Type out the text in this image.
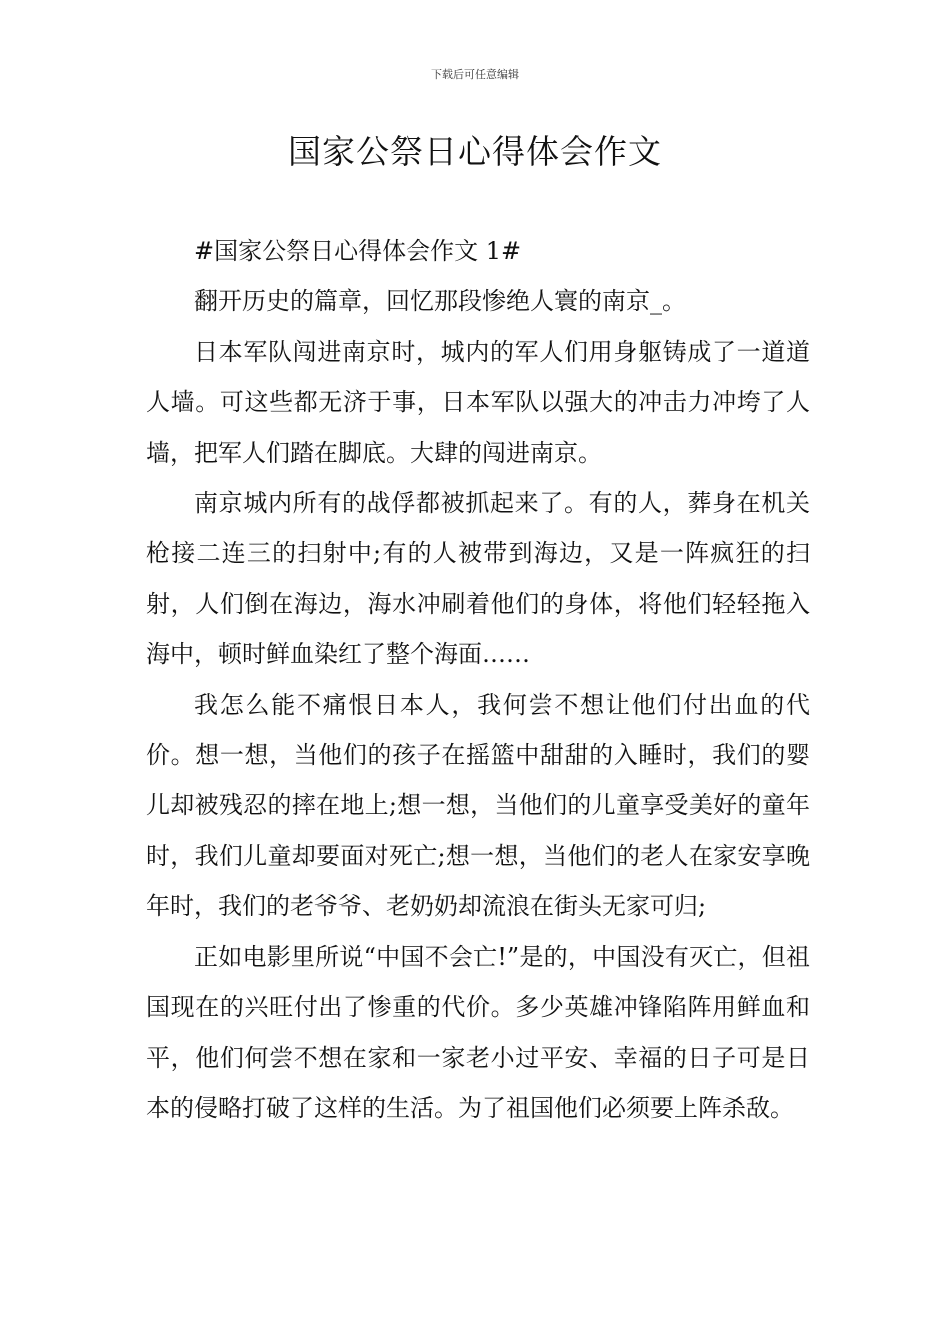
下载后可任意编辑
国家公祭日心得体会作文

#国家公祭日心得体会作文 1#

翻开历史的篇章，回忆那段惨绝人寰的南京_。

日本军队闯进南京时，城内的军人们用身躯铸成了一道道人墙。可这些都无济于事，日本军队以强大的冲击力冲垮了人墙，把军人们踏在脚底。大肆的闯进南京。

南京城内所有的战俘都被抓起来了。有的人，葬身在机关枪接二连三的扫射中;有的人被带到海边，又是一阵疯狂的扫射，人们倒在海边，海水冲刷着他们的身体，将他们轻轻拖入海中，顿时鲜血染红了整个海面……

我怎么能不痛恨日本人，我何尝不想让他们付出血的代价。想一想，当他们的孩子在摇篮中甜甜的入睡时，我们的婴儿却被残忍的摔在地上;想一想，当他们的儿童享受美好的童年时，我们儿童却要面对死亡;想一想，当他们的老人在家安享晚年时，我们的老爷爷、老奶奶却流浪在街头无家可归;

正如电影里所说“中国不会亡!”是的，中国没有灭亡，但祖国现在的兴旺付出了惨重的代价。多少英雄冲锋陷阵用鲜血和平，他们何尝不想在家和一家老小过平安、幸福的日子可是日本的侵略打破了这样的生活。为了祖国他们必须要上阵杀敌。
